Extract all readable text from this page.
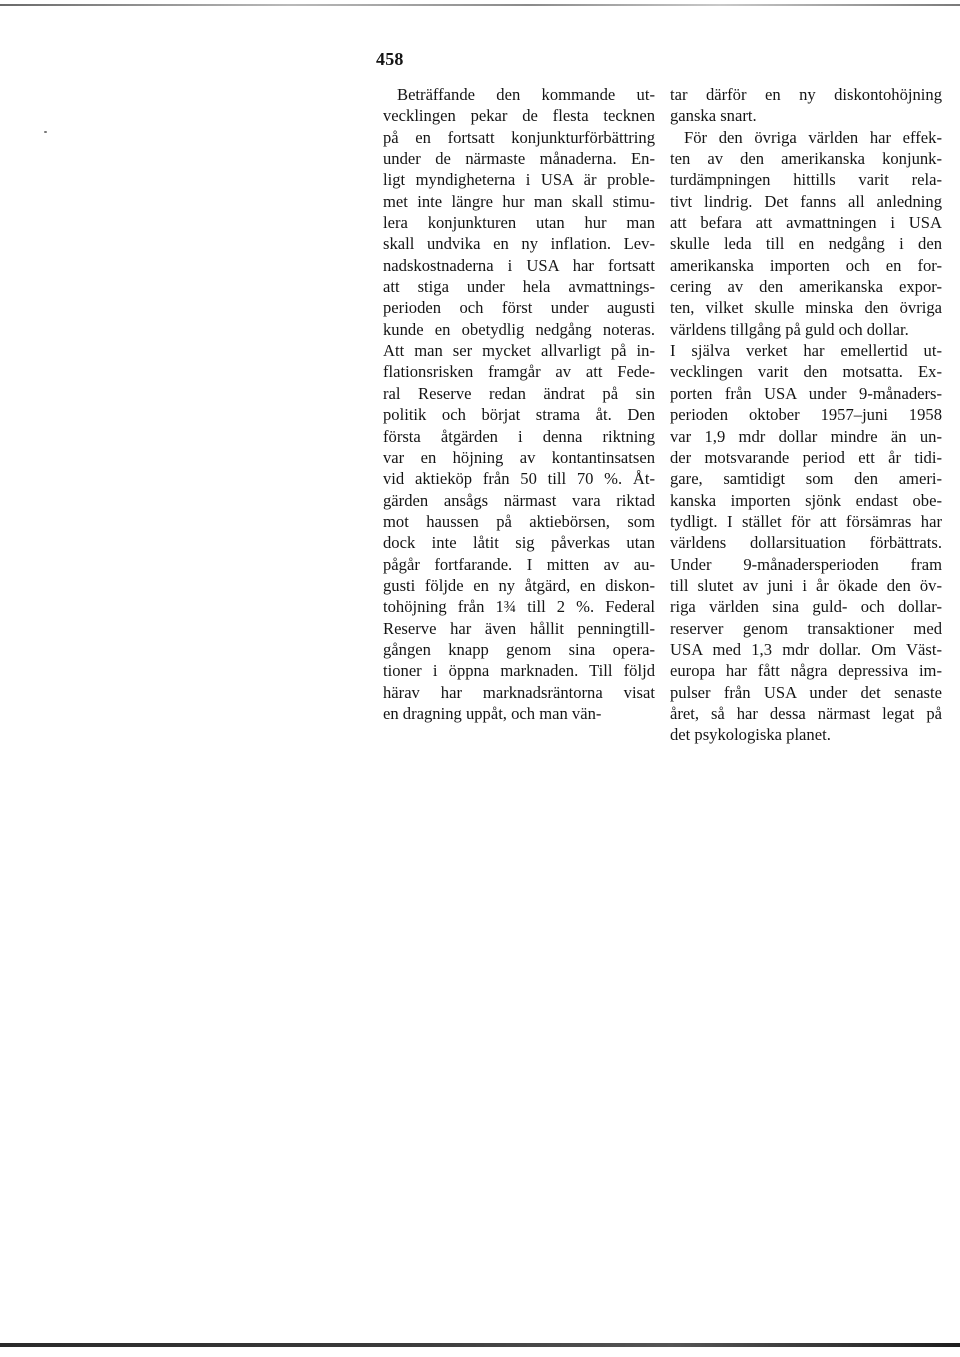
458
Beträffande den kommande ut-
vecklingen pekar de flesta tecknen
på en fortsatt konjunkturförbättring
under de närmaste månaderna. En-
ligt myndigheterna i USA är proble-
met inte längre hur man skall stimu-
lera konjunkturen utan hur man
skall undvika en ny inflation. Lev-
nadskostnaderna i USA har fortsatt
att stiga under hela avmattnings-
perioden och först under augusti
kunde en obetydlig nedgång noteras.
Att man ser mycket allvarligt på in-
flationsrisken framgår av att Fede-
ral Reserve redan ändrat på sin
politik och börjat strama åt. Den
första åtgärden i denna riktning
var en höjning av kontantinsatsen
vid aktieköp från 50 till 70 %. Åt-
gärden ansågs närmast vara riktad
mot haussen på aktiebörsen, som
dock inte låtit sig påverkas utan
pågår fortfarande. I mitten av au-
gusti följde en ny åtgärd, en diskon-
tohöjning från 1¾ till 2 %. Federal
Reserve har även hållit penningtill-
gången knapp genom sina opera-
tioner i öppna marknaden. Till följd
härav har marknadsräntorna visat
en dragning uppåt, och man vän-
tar därför en ny diskontohöjning
ganska snart.
För den övriga världen har effek-
ten av den amerikanska konjunk-
turdämpningen hittills varit rela-
tivt lindrig. Det fanns all anledning
att befara att avmattningen i USA
skulle leda till en nedgång i den
amerikanska importen och en for-
cering av den amerikanska expor-
ten, vilket skulle minska den övriga
världens tillgång på guld och dollar.
I själva verket har emellertid ut-
vecklingen varit den motsatta. Ex-
porten från USA under 9-månaders-
perioden oktober 1957–juni 1958
var 1,9 mdr dollar mindre än un-
der motsvarande period ett år tidi-
gare, samtidigt som den ameri-
kanska importen sjönk endast obe-
tydligt. I stället för att försämras har
världens dollarsituation förbättrats.
Under 9-månadersperioden fram
till slutet av juni i år ökade den öv-
riga världen sina guld- och dollar-
reserver genom transaktioner med
USA med 1,3 mdr dollar. Om Väst-
europa har fått några depressiva im-
pulser från USA under det senaste
året, så har dessa närmast legat på
det psykologiska planet.
